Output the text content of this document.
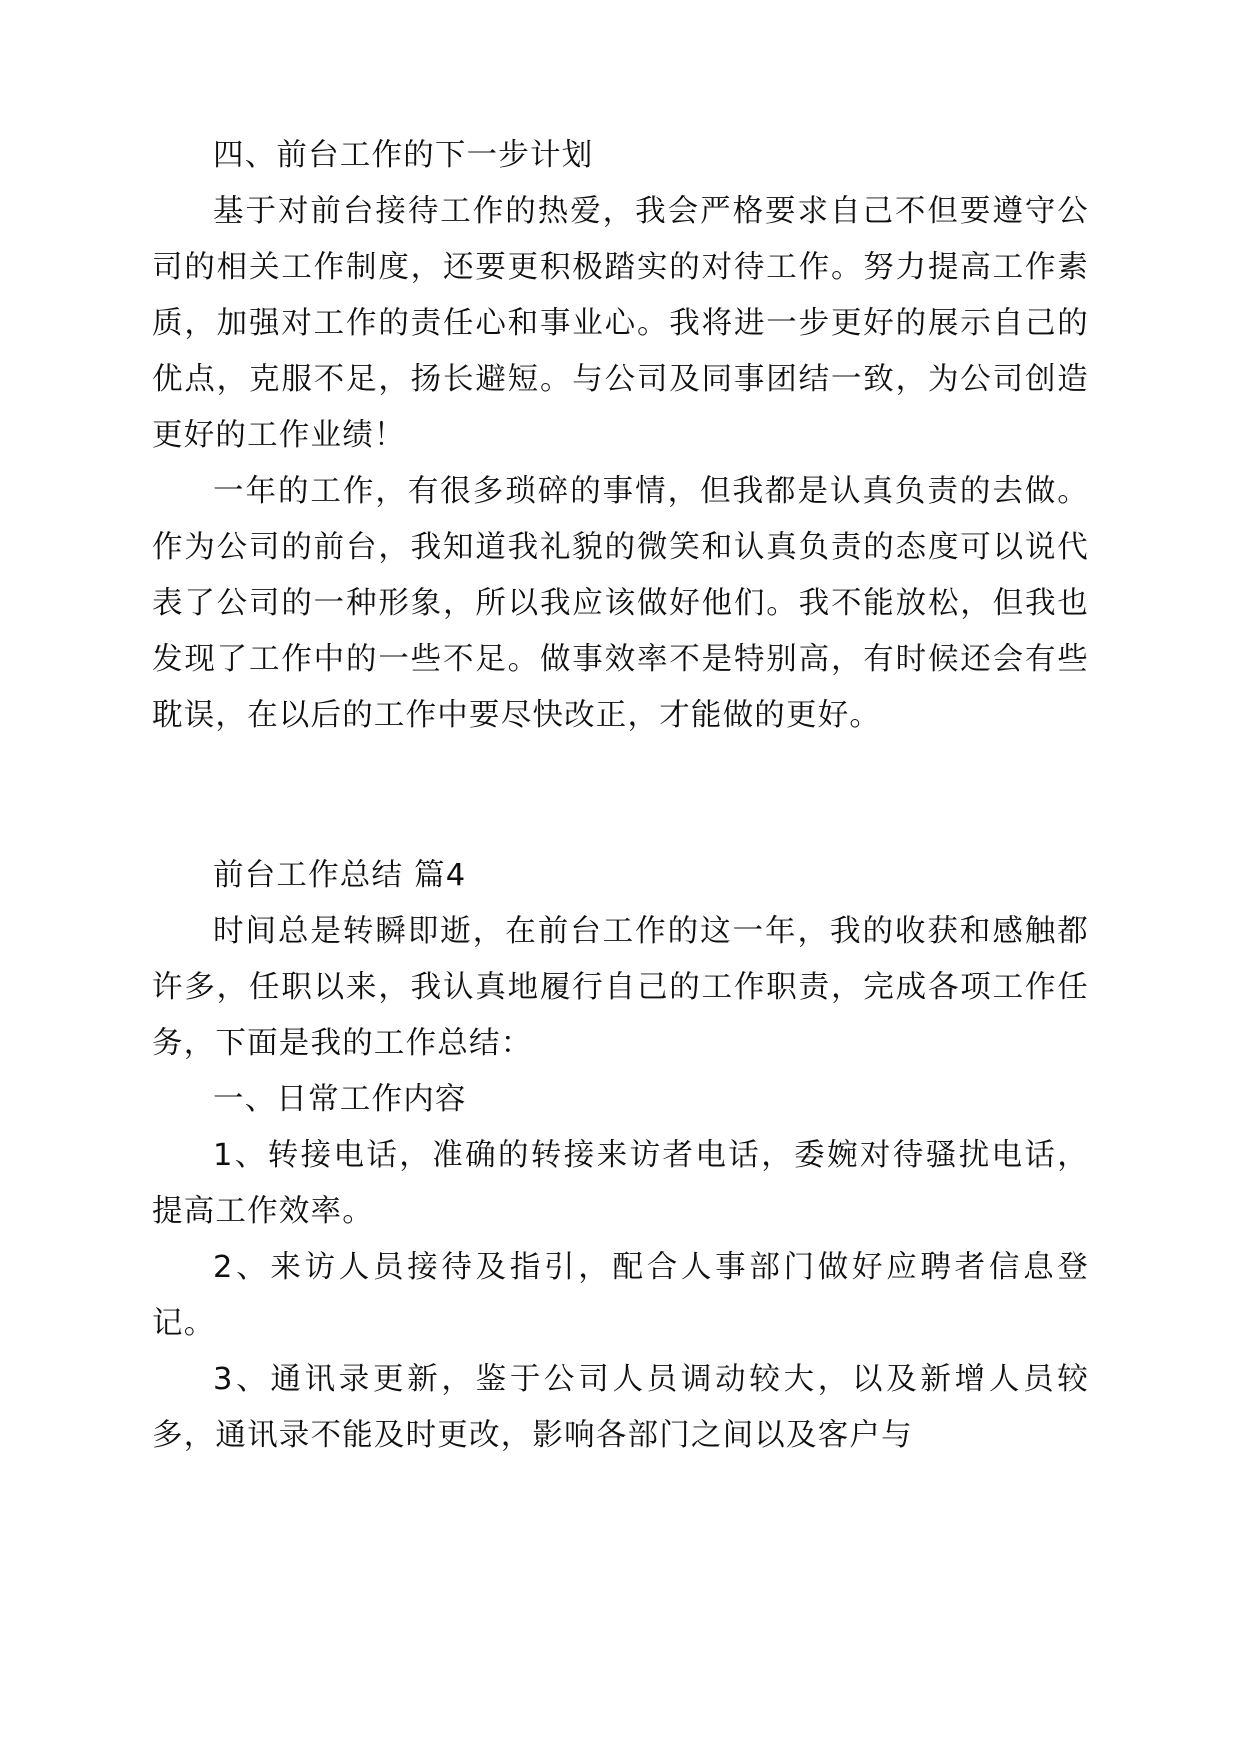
四、前台工作的下一步计划

基于对前台接待工作的热爱，我会严格要求自己不但要遵守公司的相关工作制度，还要更积极踏实的对待工作。努力提高工作素质，加强对工作的责任心和事业心。我将进一步更好的展示自己的优点，克服不足，扬长避短。与公司及同事团结一致，为公司创造更好的工作业绩！

一年的工作，有很多琐碎的事情，但我都是认真负责的去做。作为公司的前台，我知道我礼貌的微笑和认真负责的态度可以说代表了公司的一种形象，所以我应该做好他们。我不能放松，但我也发现了工作中的一些不足。做事效率不是特别高，有时候还会有些耽误，在以后的工作中要尽快改正，才能做的更好。

前台工作总结 篇4

时间总是转瞬即逝，在前台工作的这一年，我的收获和感触都许多，任职以来，我认真地履行自己的工作职责，完成各项工作任务，下面是我的工作总结：

一、日常工作内容

1、转接电话，准确的转接来访者电话，委婉对待骚扰电话，提高工作效率。

2、来访人员接待及指引，配合人事部门做好应聘者信息登记。

3、通讯录更新，鉴于公司人员调动较大，以及新增人员较多，通讯录不能及时更改，影响各部门之间以及客户与
